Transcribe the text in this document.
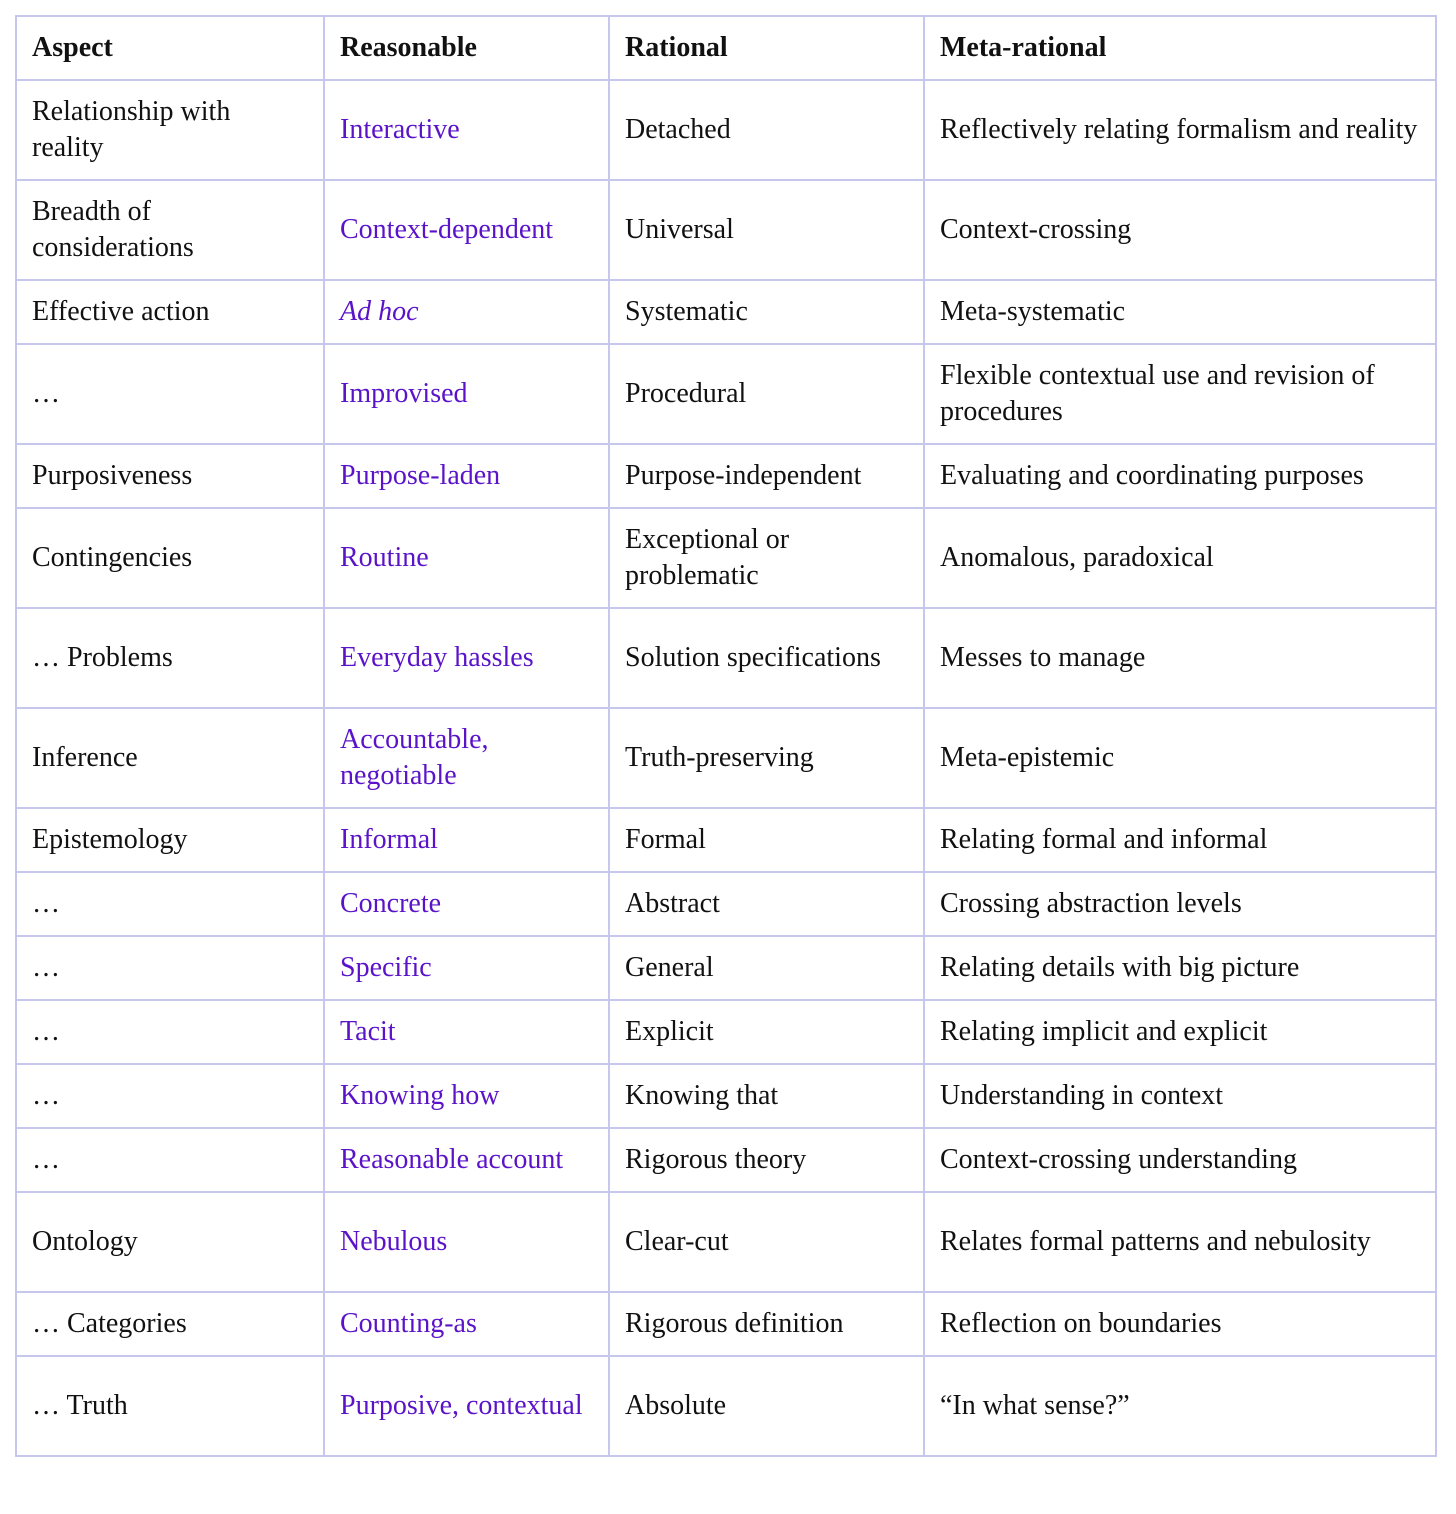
Aspect	Reasonable	Rational	Meta-rational
Relationship with reality	Interactive	Detached	Reflectively relating formalism and reality
Breadth of considerations	Context-dependent	Universal	Context-crossing
Effective action	Ad hoc	Systematic	Meta-systematic
…	Improvised	Procedural	Flexible contextual use and revision of procedures
Purposiveness	Purpose-laden	Purpose-independent	Evaluating and coordinating purposes
Contingencies	Routine	Exceptional or problematic	Anomalous, paradoxical
… Problems	Everyday hassles	Solution specifications	Messes to manage
Inference	Accountable, negotiable	Truth-preserving	Meta-epistemic
Epistemology	Informal	Formal	Relating formal and informal
…	Concrete	Abstract	Crossing abstraction levels
…	Specific	General	Relating details with big picture
…	Tacit	Explicit	Relating implicit and explicit
…	Knowing how	Knowing that	Understanding in context
…	Reasonable account	Rigorous theory	Context-crossing understanding
Ontology	Nebulous	Clear-cut	Relates formal patterns and nebulosity
… Categories	Counting-as	Rigorous definition	Reflection on boundaries
… Truth	Purposive, contextual	Absolute	“In what sense?”
